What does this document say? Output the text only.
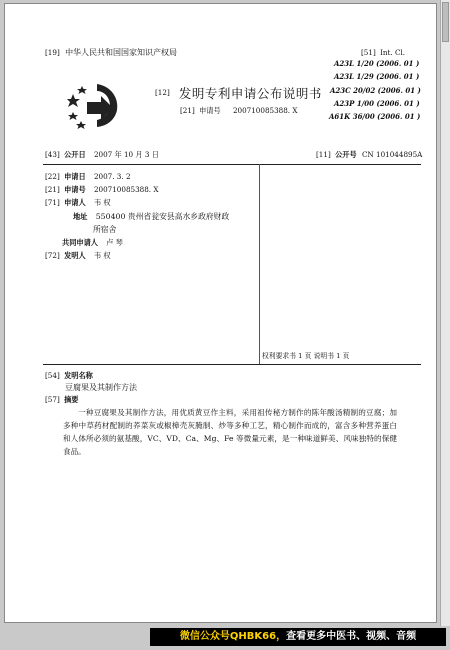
[19] 中华人民共和国国家知识产权局
[12] 发明专利申请公布说明书
[21] 申请号 200710085388. X
[51] Int. Cl.
A23L 1/20 (2006. 01 )
A23L 1/29 (2006. 01 )
A23C 20/02 (2006. 01 )
A23P 1/00 (2006. 01 )
A61K 36/00 (2006. 01 )
[43] 公开日 2007 年 10 月 3 日	[11] 公开号 CN 101044895A
[22] 申请日 2007. 3. 2
[21] 申请号 200710085388. X
[71] 申请人 韦 权
地址 550400 贵州省瓮安县高水乡政府财政
所宿舍
共同申请人 卢 琴
[72] 发明人 韦 权
权利要求书 1 页 说明书 1 页
[54] 发明名称
豆腐果及其制作方法
[57] 摘要
一种豆腐果及其制作方法，用优质黄豆作主料，采用祖传秘方制作的陈年酸汤精制的豆腐；加多种中草药材配制的荞菜灰或椒樟壳灰腌制、炒等多种工艺，精心制作而成的，富含多种营养蛋白和人体所必须的氨基酸，VC、VD、Ca、Mg、Fe 等微量元素，是一种味道鲜美、风味独特的保健食品。
微信公众号QHBK66，查看更多中医书、视频、音频
